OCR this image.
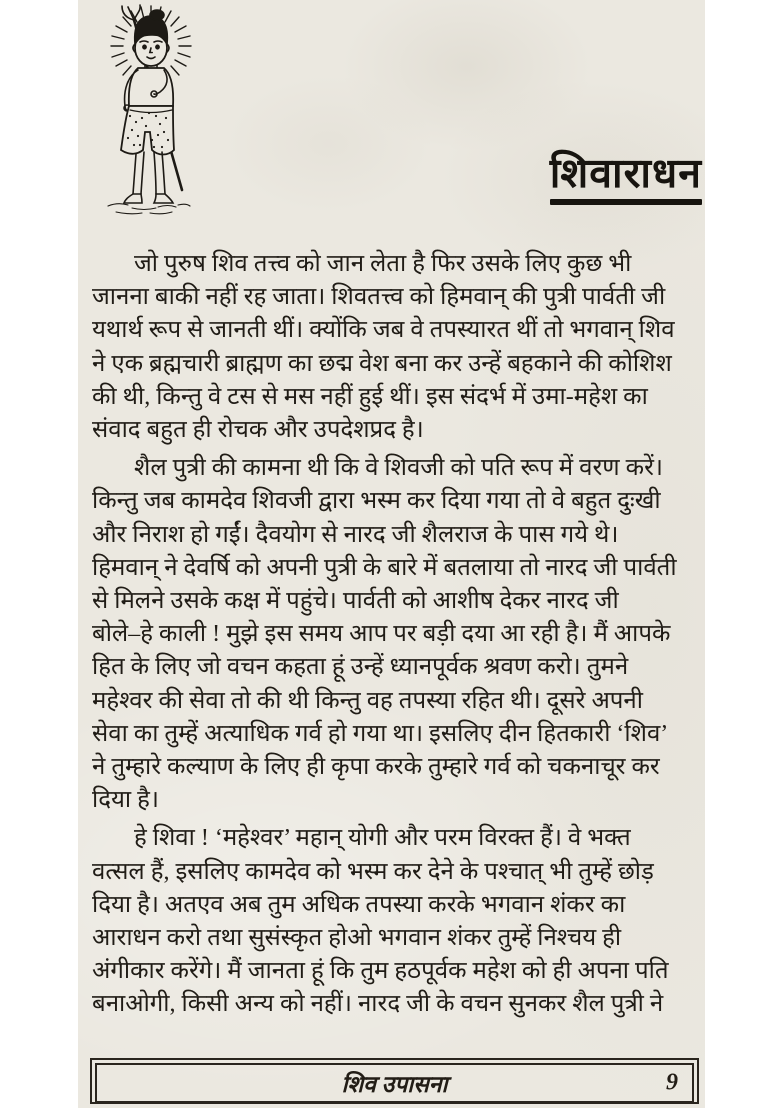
शिवाराधन
जो पुरुष शिव तत्त्व को जान लेता है फिर उसके लिए कुछ भी
जानना बाकी नहीं रह जाता। शिवतत्त्व को हिमवान् की पुत्री पार्वती जी
यथार्थ रूप से जानती थीं। क्योंकि जब वे तपस्यारत थीं तो भगवान् शिव
ने एक ब्रह्मचारी ब्राह्मण का छद्म वेश बना कर उन्हें बहकाने की कोशिश
की थी, किन्तु वे टस से मस नहीं हुई थीं। इस संदर्भ में उमा-महेश का
संवाद बहुत ही रोचक और उपदेशप्रद है।
शैल पुत्री की कामना थी कि वे शिवजी को पति रूप में वरण करें।
किन्तु जब कामदेव शिवजी द्वारा भस्म कर दिया गया तो वे बहुत दुःखी
और निराश हो गईं। दैवयोग से नारद जी शैलराज के पास गये थे।
हिमवान् ने देवर्षि को अपनी पुत्री के बारे में बतलाया तो नारद जी पार्वती
से मिलने उसके कक्ष में पहुंचे। पार्वती को आशीष देकर नारद जी
बोले–हे काली ! मुझे इस समय आप पर बड़ी दया आ रही है। मैं आपके
हित के लिए जो वचन कहता हूं उन्हें ध्यानपूर्वक श्रवण करो। तुमने
महेश्वर की सेवा तो की थी किन्तु वह तपस्या रहित थी। दूसरे अपनी
सेवा का तुम्हें अत्याधिक गर्व हो गया था। इसलिए दीन हितकारी ‘शिव’
ने तुम्हारे कल्याण के लिए ही कृपा करके तुम्हारे गर्व को चकनाचूर कर
दिया है।
हे शिवा ! ‘महेश्वर’ महान् योगी और परम विरक्त हैं। वे भक्त
वत्सल हैं, इसलिए कामदेव को भस्म कर देने के पश्चात् भी तुम्हें छोड़
दिया है। अतएव अब तुम अधिक तपस्या करके भगवान शंकर का
आराधन करो तथा सुसंस्कृत होओ भगवान शंकर तुम्हें निश्चय ही
अंगीकार करेंगे। मैं जानता हूं कि तुम हठपूर्वक महेश को ही अपना पति
बनाओगी, किसी अन्य को नहीं। नारद जी के वचन सुनकर शैल पुत्री ने
शिव उपासना	9
